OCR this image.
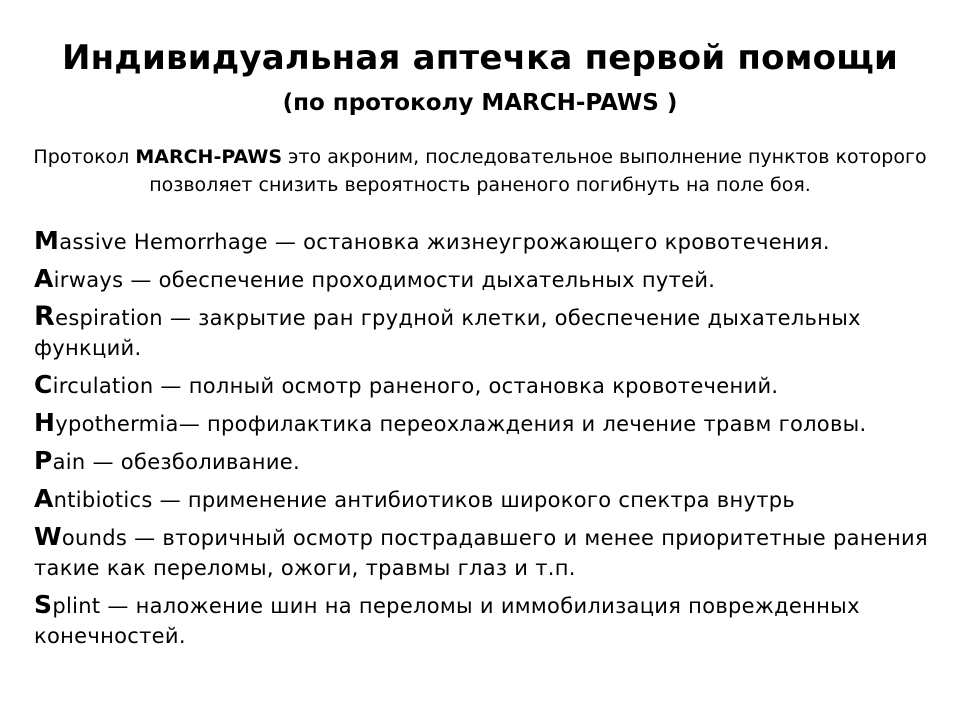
Индивидуальная аптечка первой помощи
(по протоколу MARCH-PAWS )
Протокол MARCH-PAWS это акроним, последовательное выполнение пунктов которого позволяет снизить вероятность раненого погибнуть на поле боя.
Massive Hemorrhage — остановка жизнеугрожающего кровотечения.
Airways — обеспечение проходимости дыхательных путей.
Respiration — закрытие ран грудной клетки, обеспечение дыхательных функций.
Circulation — полный осмотр раненого, остановка кровотечений.
Hypothermia— профилактика переохлаждения и лечение травм головы.
Pain — обезболивание.
Antibiotics — применение антибиотиков широкого спектра внутрь
Wounds — вторичный осмотр пострадавшего и менее приоритетные ранения такие как переломы, ожоги, травмы глаз и т.п.
Splint — наложение шин на переломы и иммобилизация поврежденных конечностей.
